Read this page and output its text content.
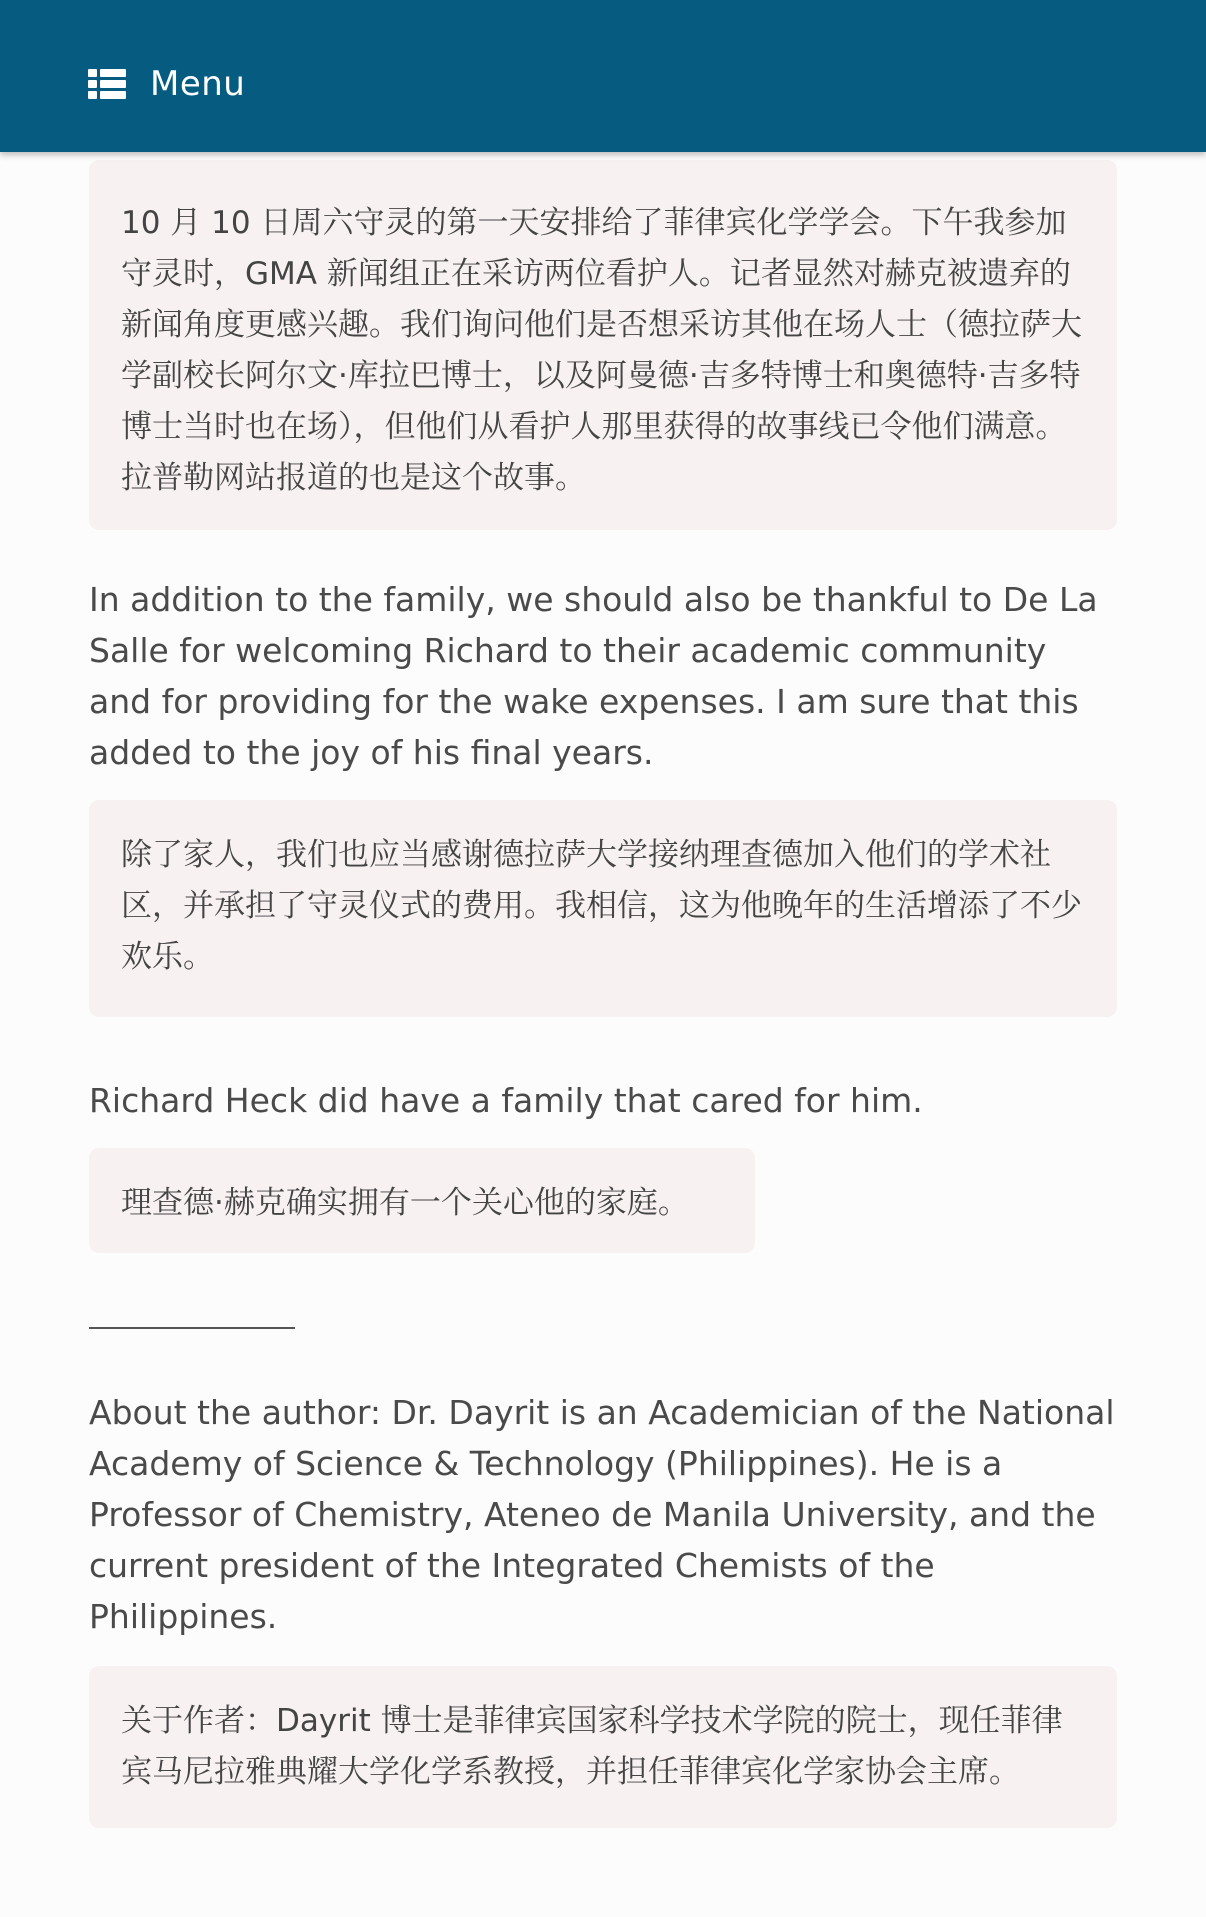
Menu
10 月 10 日周六守灵的第一天安排给了菲律宾化学学会。下午我参加守灵时，GMA 新闻组正在采访两位看护人。记者显然对赫克被遗弃的新闻角度更感兴趣。我们询问他们是否想采访其他在场人士（德拉萨大学副校长阿尔文·库拉巴博士，以及阿曼德·吉多特博士和奥德特·吉多特博士当时也在场），但他们从看护人那里获得的故事线已令他们满意。拉普勒网站报道的也是这个故事。

In addition to the family, we should also be thankful to De La Salle for welcoming Richard to their academic community and for providing for the wake expenses. I am sure that this added to the joy of his final years.

除了家人，我们也应当感谢德拉萨大学接纳理查德加入他们的学术社区，并承担了守灵仪式的费用。我相信，这为他晚年的生活增添了不少欢乐。

Richard Heck did have a family that cared for him.

理查德·赫克确实拥有一个关心他的家庭。

About the author: Dr. Dayrit is an Academician of the National Academy of Science & Technology (Philippines). He is a Professor of Chemistry, Ateneo de Manila University, and the current president of the Integrated Chemists of the Philippines.

关于作者：Dayrit 博士是菲律宾国家科学技术学院的院士，现任菲律宾马尼拉雅典耀大学化学系教授，并担任菲律宾化学家协会主席。
